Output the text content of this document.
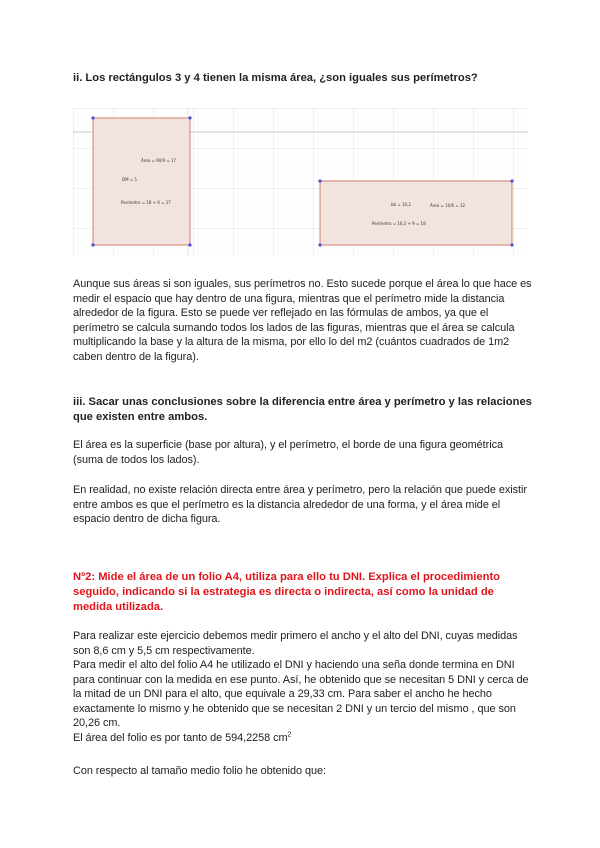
ii. Los rectángulos 3 y 4 tienen la misma área, ¿son iguales sus perímetros?

Área = 90/9 = 17
DM = 5
Perímetro = 18 + 9 = 17	bb = 10,2	Área = 10/6 = 12
Perímetro = 10,2 + 9 = 18

Aunque sus áreas si son iguales, sus perímetros no. Esto sucede porque el área lo que hace es medir el espacio que hay dentro de una figura, mientras que el perímetro mide la distancia alrededor de la figura. Esto se puede ver reflejado en las fórmulas de ambos, ya que el perímetro se calcula sumando todos los lados de las figuras, mientras que el área se calcula multiplicando la base y la altura de la misma, por ello lo del m2 (cuántos cuadrados de 1m2 caben dentro de la figura).

iii. Sacar unas conclusiones sobre la diferencia entre área y perímetro y las relaciones que existen entre ambos.

El área es la superficie (base por altura), y el perímetro, el borde de una figura geométrica (suma de todos los lados).

En realidad, no existe relación directa entre área y perímetro, pero la relación que puede existir entre ambos es que el perímetro es la distancia alrededor de una forma, y el área mide el espacio dentro de dicha figura.

Nº2: Mide el área de un folio A4, utiliza para ello tu DNI. Explica el procedimiento seguido, indicando si la estrategia es directa o indirecta, así como la unidad de medida utilizada.

Para realizar este ejercicio debemos medir primero el ancho y el alto del DNI, cuyas medidas son 8,6 cm y 5,5 cm respectivamente.

Para medir el alto del folio A4 he utilizado el DNI y haciendo una seña donde termina en DNI para continuar con la medida en ese punto. Así, he obtenido que se necesitan 5 DNI y cerca de la mitad de un DNI para el alto, que equivale a 29,33 cm. Para saber el ancho he hecho exactamente lo mismo y he obtenido que se necesitan 2 DNI y un tercio del mismo , que son 20,26 cm.

El área del folio es por tanto de 594,2258 $cm^2$

Con respecto al tamaño medio folio he obtenido que:
